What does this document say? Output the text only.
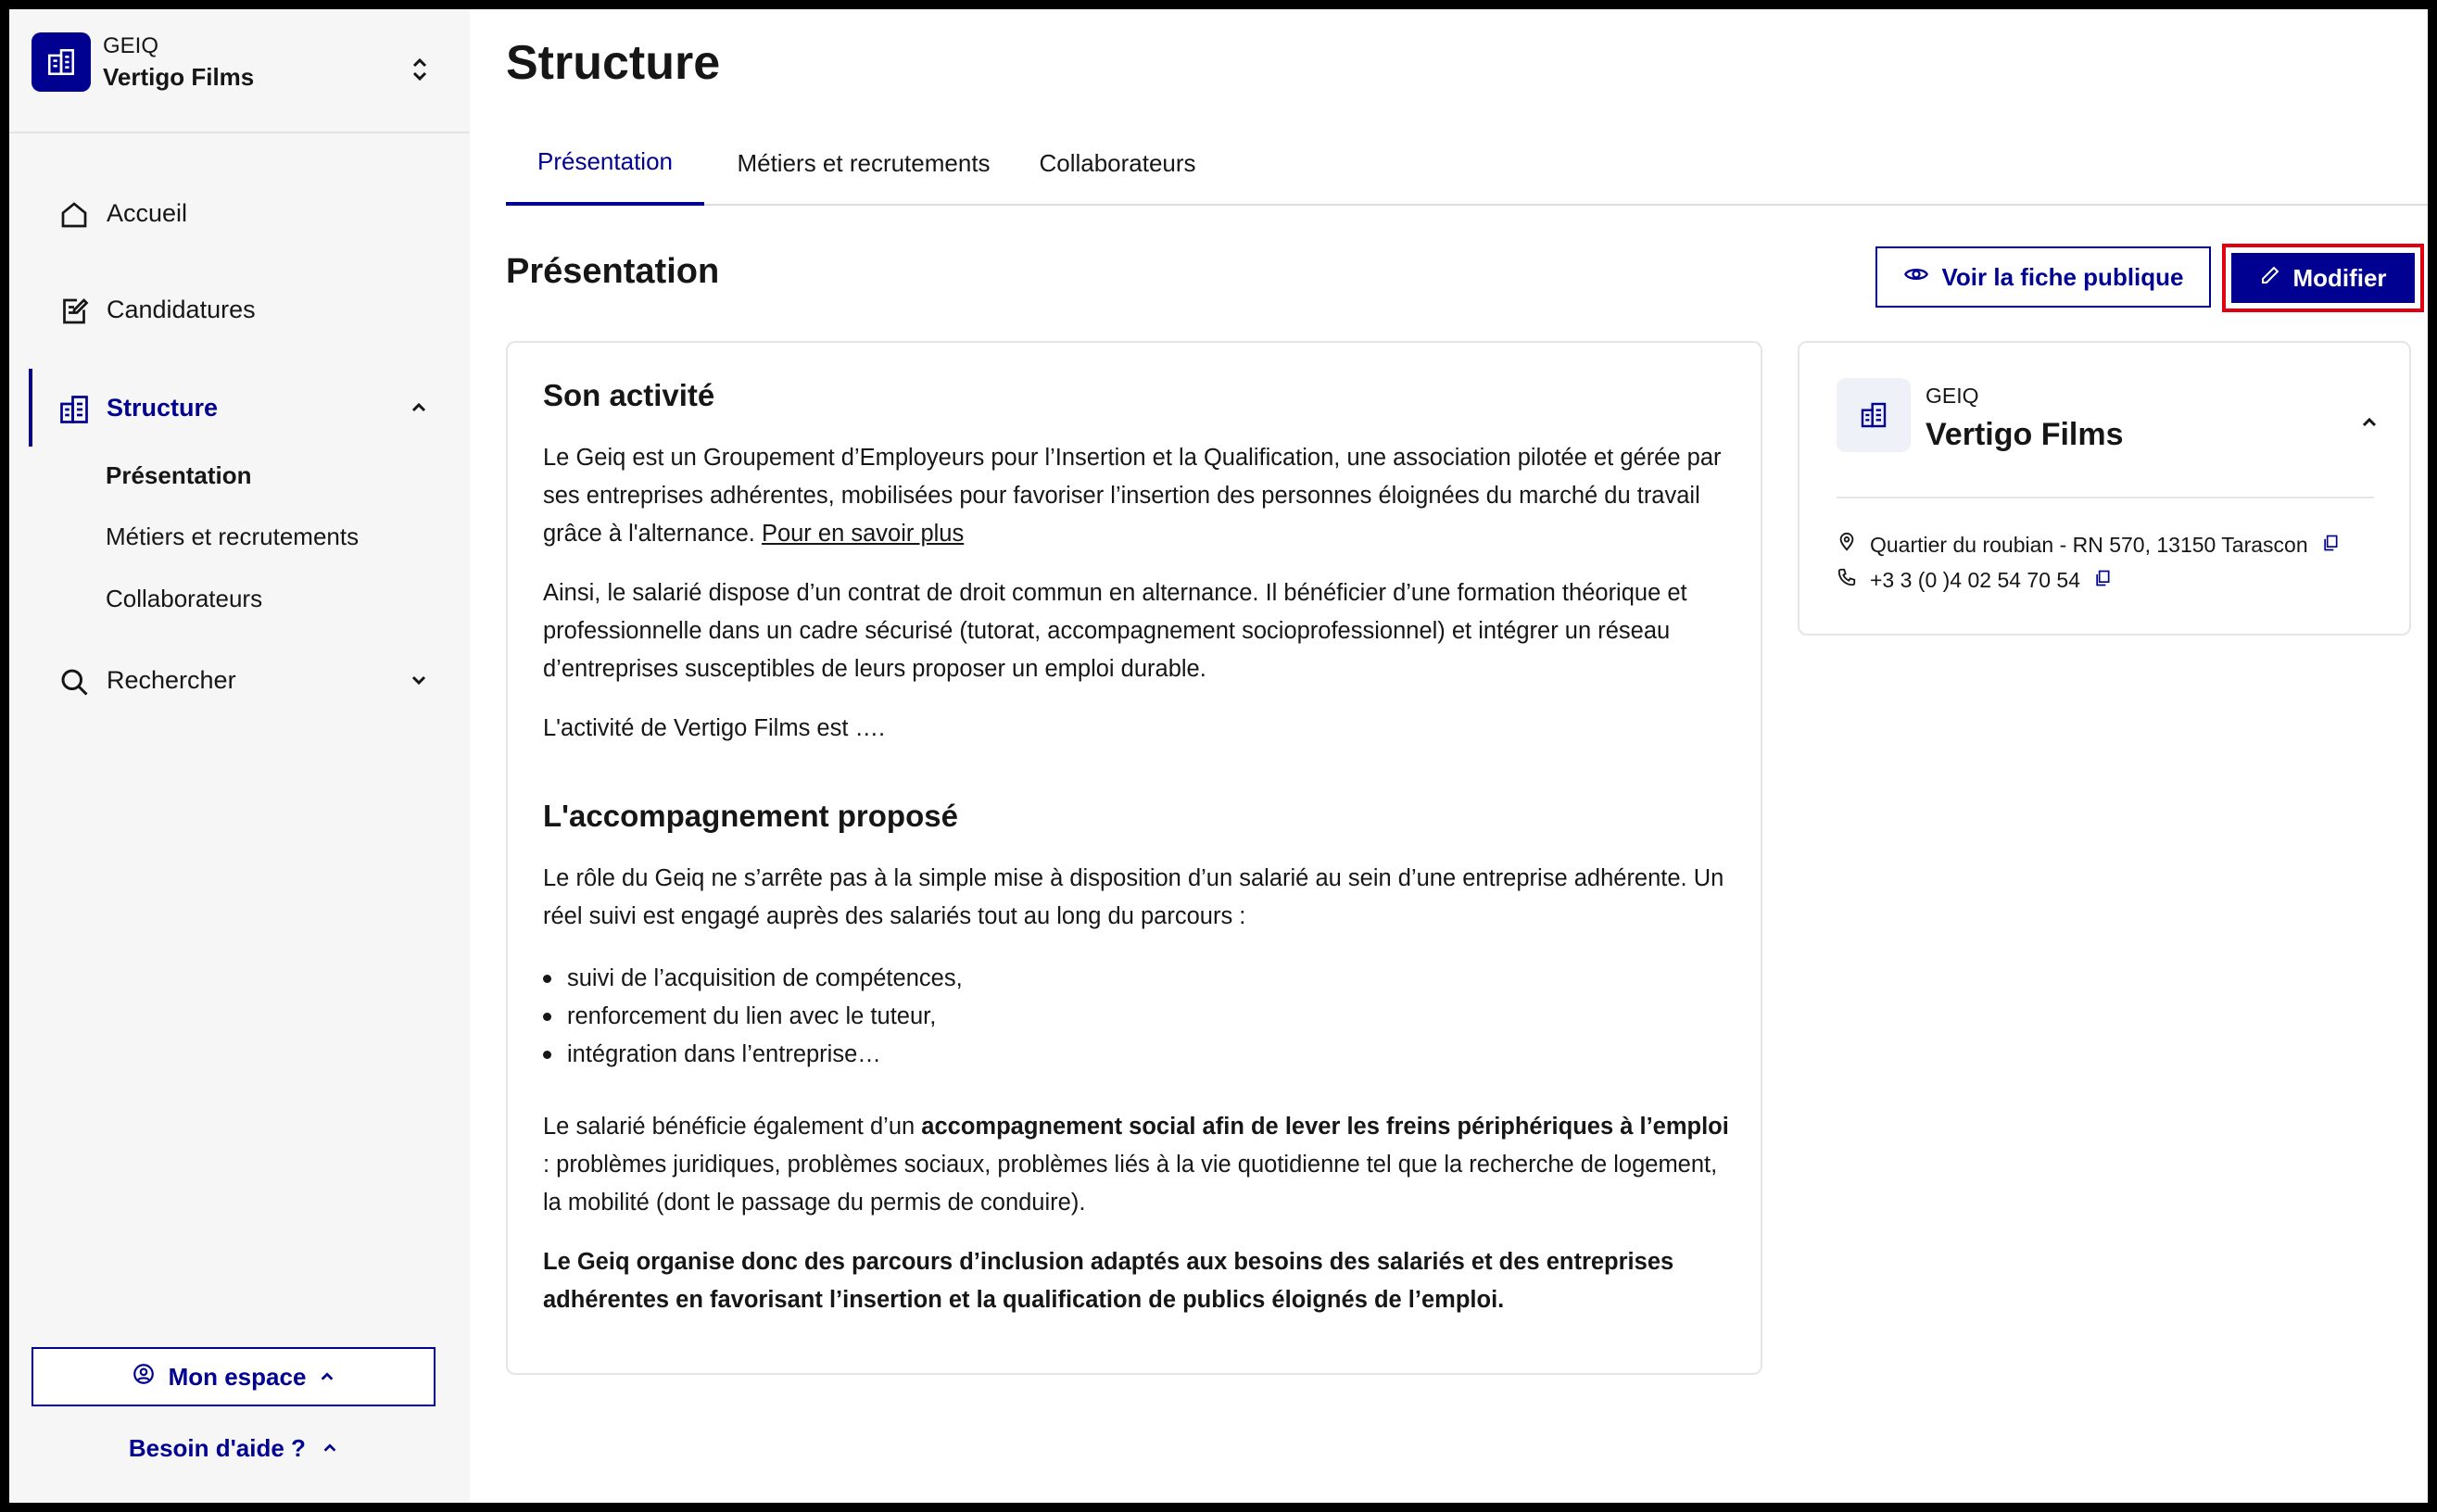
GEIQ
Vertigo Films
Accueil
Candidatures
Structure
Présentation
Métiers et recrutements
Collaborateurs
Rechercher
Mon espace
Besoin d'aide ?
Structure
Présentation	Métiers et recrutements	Collaborateurs
Présentation	Voir la fiche publique	Modifier
Son activité

Le Geiq est un Groupement d’Employeurs pour l’Insertion et la Qualification, une association pilotée et gérée par ses entreprises adhérentes, mobilisées pour favoriser l’insertion des personnes éloignées du marché du travail grâce à l'alternance. Pour en savoir plus

Ainsi, le salarié dispose d’un contrat de droit commun en alternance. Il bénéficier d’une formation théorique et professionnelle dans un cadre sécurisé (tutorat, accompagnement socioprofessionnel) et intégrer un réseau d’entreprises susceptibles de leurs proposer un emploi durable.

L'activité de Vertigo Films est ….

L'accompagnement proposé

Le rôle du Geiq ne s’arrête pas à la simple mise à disposition d’un salarié au sein d’une entreprise adhérente. Un réel suivi est engagé auprès des salariés tout au long du parcours :

suivi de l’acquisition de compétences,
renforcement du lien avec le tuteur,
intégration dans l’entreprise…

Le salarié bénéficie également d’un accompagnement social afin de lever les freins périphériques à l’emploi : problèmes juridiques, problèmes sociaux, problèmes liés à la vie quotidienne tel que la recherche de logement, la mobilité (dont le passage du permis de conduire).

Le Geiq organise donc des parcours d’inclusion adaptés aux besoins des salariés et des entreprises adhérentes en favorisant l’insertion et la qualification de publics éloignés de l’emploi.

GEIQ
Vertigo Films
Quartier du roubian - RN 570, 13150 Tarascon
+3 3 (0 )4 02 54 70 54
